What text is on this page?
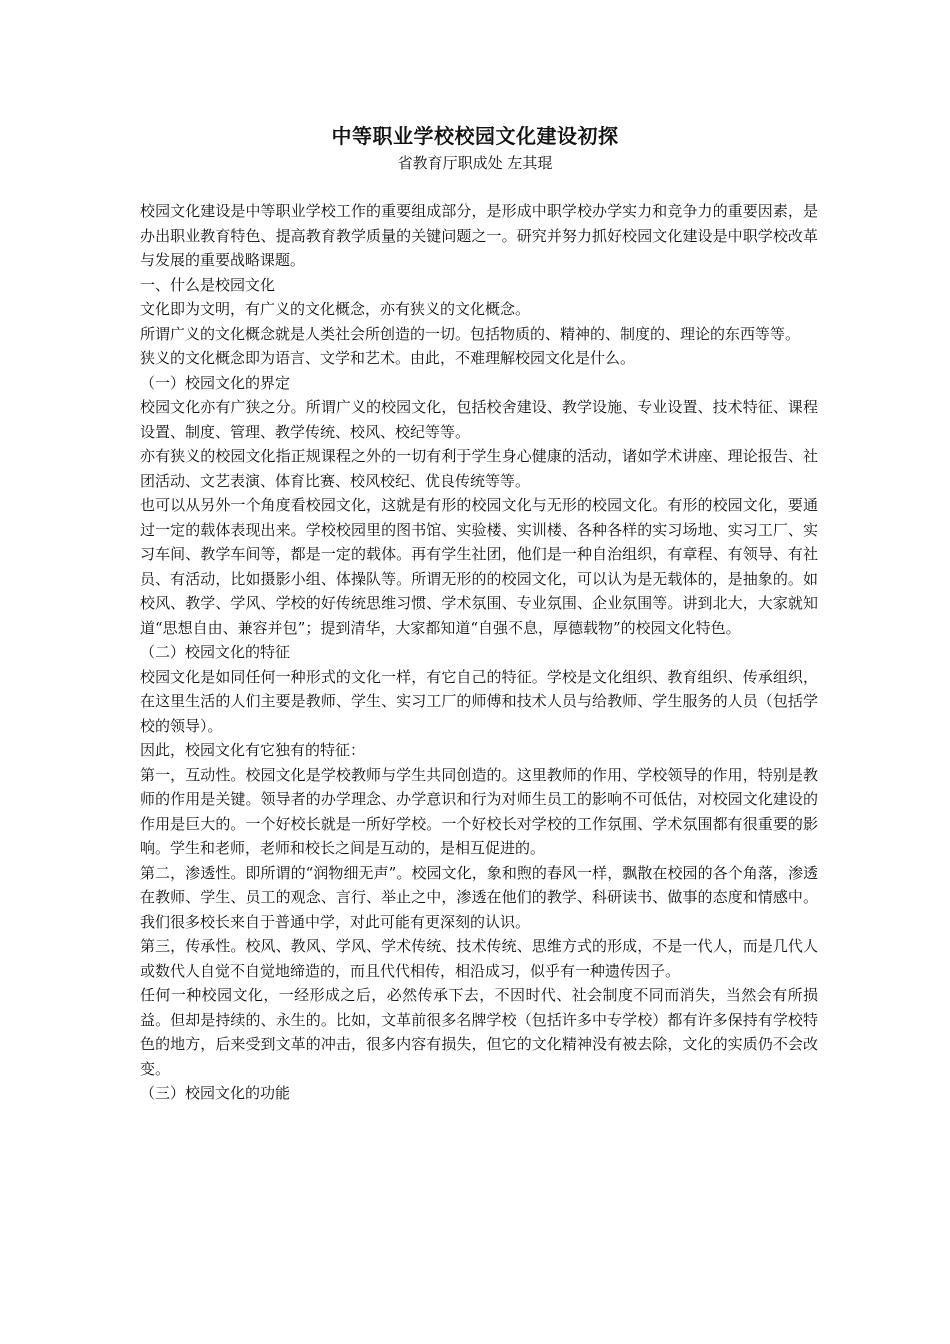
中等职业学校校园文化建设初探
省教育厅职成处 左其琨

校园文化建设是中等职业学校工作的重要组成部分，是形成中职学校办学实力和竞争力的重要因素，是办出职业教育特色、提高教育教学质量的关键问题之一。研究并努力抓好校园文化建设是中职学校改革与发展的重要战略课题。

一、什么是校园文化

文化即为文明，有广义的文化概念，亦有狭义的文化概念。

所谓广义的文化概念就是人类社会所创造的一切。包括物质的、精神的、制度的、理论的东西等等。

狭义的文化概念即为语言、文学和艺术。由此，不难理解校园文化是什么。

（一）校园文化的界定

校园文化亦有广狭之分。所谓广义的校园文化，包括校舍建设、教学设施、专业设置、技术特征、课程设置、制度、管理、教学传统、校风、校纪等等。

亦有狭义的校园文化指正规课程之外的一切有利于学生身心健康的活动，诸如学术讲座、理论报告、社团活动、文艺表演、体育比赛、校风校纪、优良传统等等。

也可以从另外一个角度看校园文化，这就是有形的校园文化与无形的校园文化。有形的校园文化，要通过一定的载体表现出来。学校校园里的图书馆、实验楼、实训楼、各种各样的实习场地、实习工厂、实习车间、教学车间等，都是一定的载体。再有学生社团，他们是一种自治组织，有章程、有领导、有社员、有活动，比如摄影小组、体操队等。所谓无形的的校园文化，可以认为是无载体的，是抽象的。如校风、教学、学风、学校的好传统思维习惯、学术氛围、专业氛围、企业氛围等。讲到北大，大家就知道“思想自由、兼容并包”；提到清华，大家都知道“自强不息，厚德载物”的校园文化特色。

（二）校园文化的特征

校园文化是如同任何一种形式的文化一样，有它自己的特征。学校是文化组织、教育组织、传承组织，在这里生活的人们主要是教师、学生、实习工厂的师傅和技术人员与给教师、学生服务的人员（包括学校的领导）。

因此，校园文化有它独有的特征：

第一，互动性。校园文化是学校教师与学生共同创造的。这里教师的作用、学校领导的作用，特别是教师的作用是关键。领导者的办学理念、办学意识和行为对师生员工的影响不可低估，对校园文化建设的作用是巨大的。一个好校长就是一所好学校。一个好校长对学校的工作氛围、学术氛围都有很重要的影响。学生和老师，老师和校长之间是互动的，是相互促进的。

第二，渗透性。即所谓的“润物细无声”。校园文化，象和煦的春风一样，飘散在校园的各个角落，渗透在教师、学生、员工的观念、言行、举止之中，渗透在他们的教学、科研读书、做事的态度和情感中。我们很多校长来自于普通中学，对此可能有更深刻的认识。

第三，传承性。校风、教风、学风、学术传统、技术传统、思维方式的形成，不是一代人，而是几代人或数代人自觉不自觉地缔造的，而且代代相传，相沿成习，似乎有一种遗传因子。

任何一种校园文化，一经形成之后，必然传承下去，不因时代、社会制度不同而消失，当然会有所损益。但却是持续的、永生的。比如，文革前很多名牌学校（包括许多中专学校）都有许多保持有学校特色的地方，后来受到文革的冲击，很多内容有损失，但它的文化精神没有被去除，文化的实质仍不会改变。

（三）校园文化的功能
